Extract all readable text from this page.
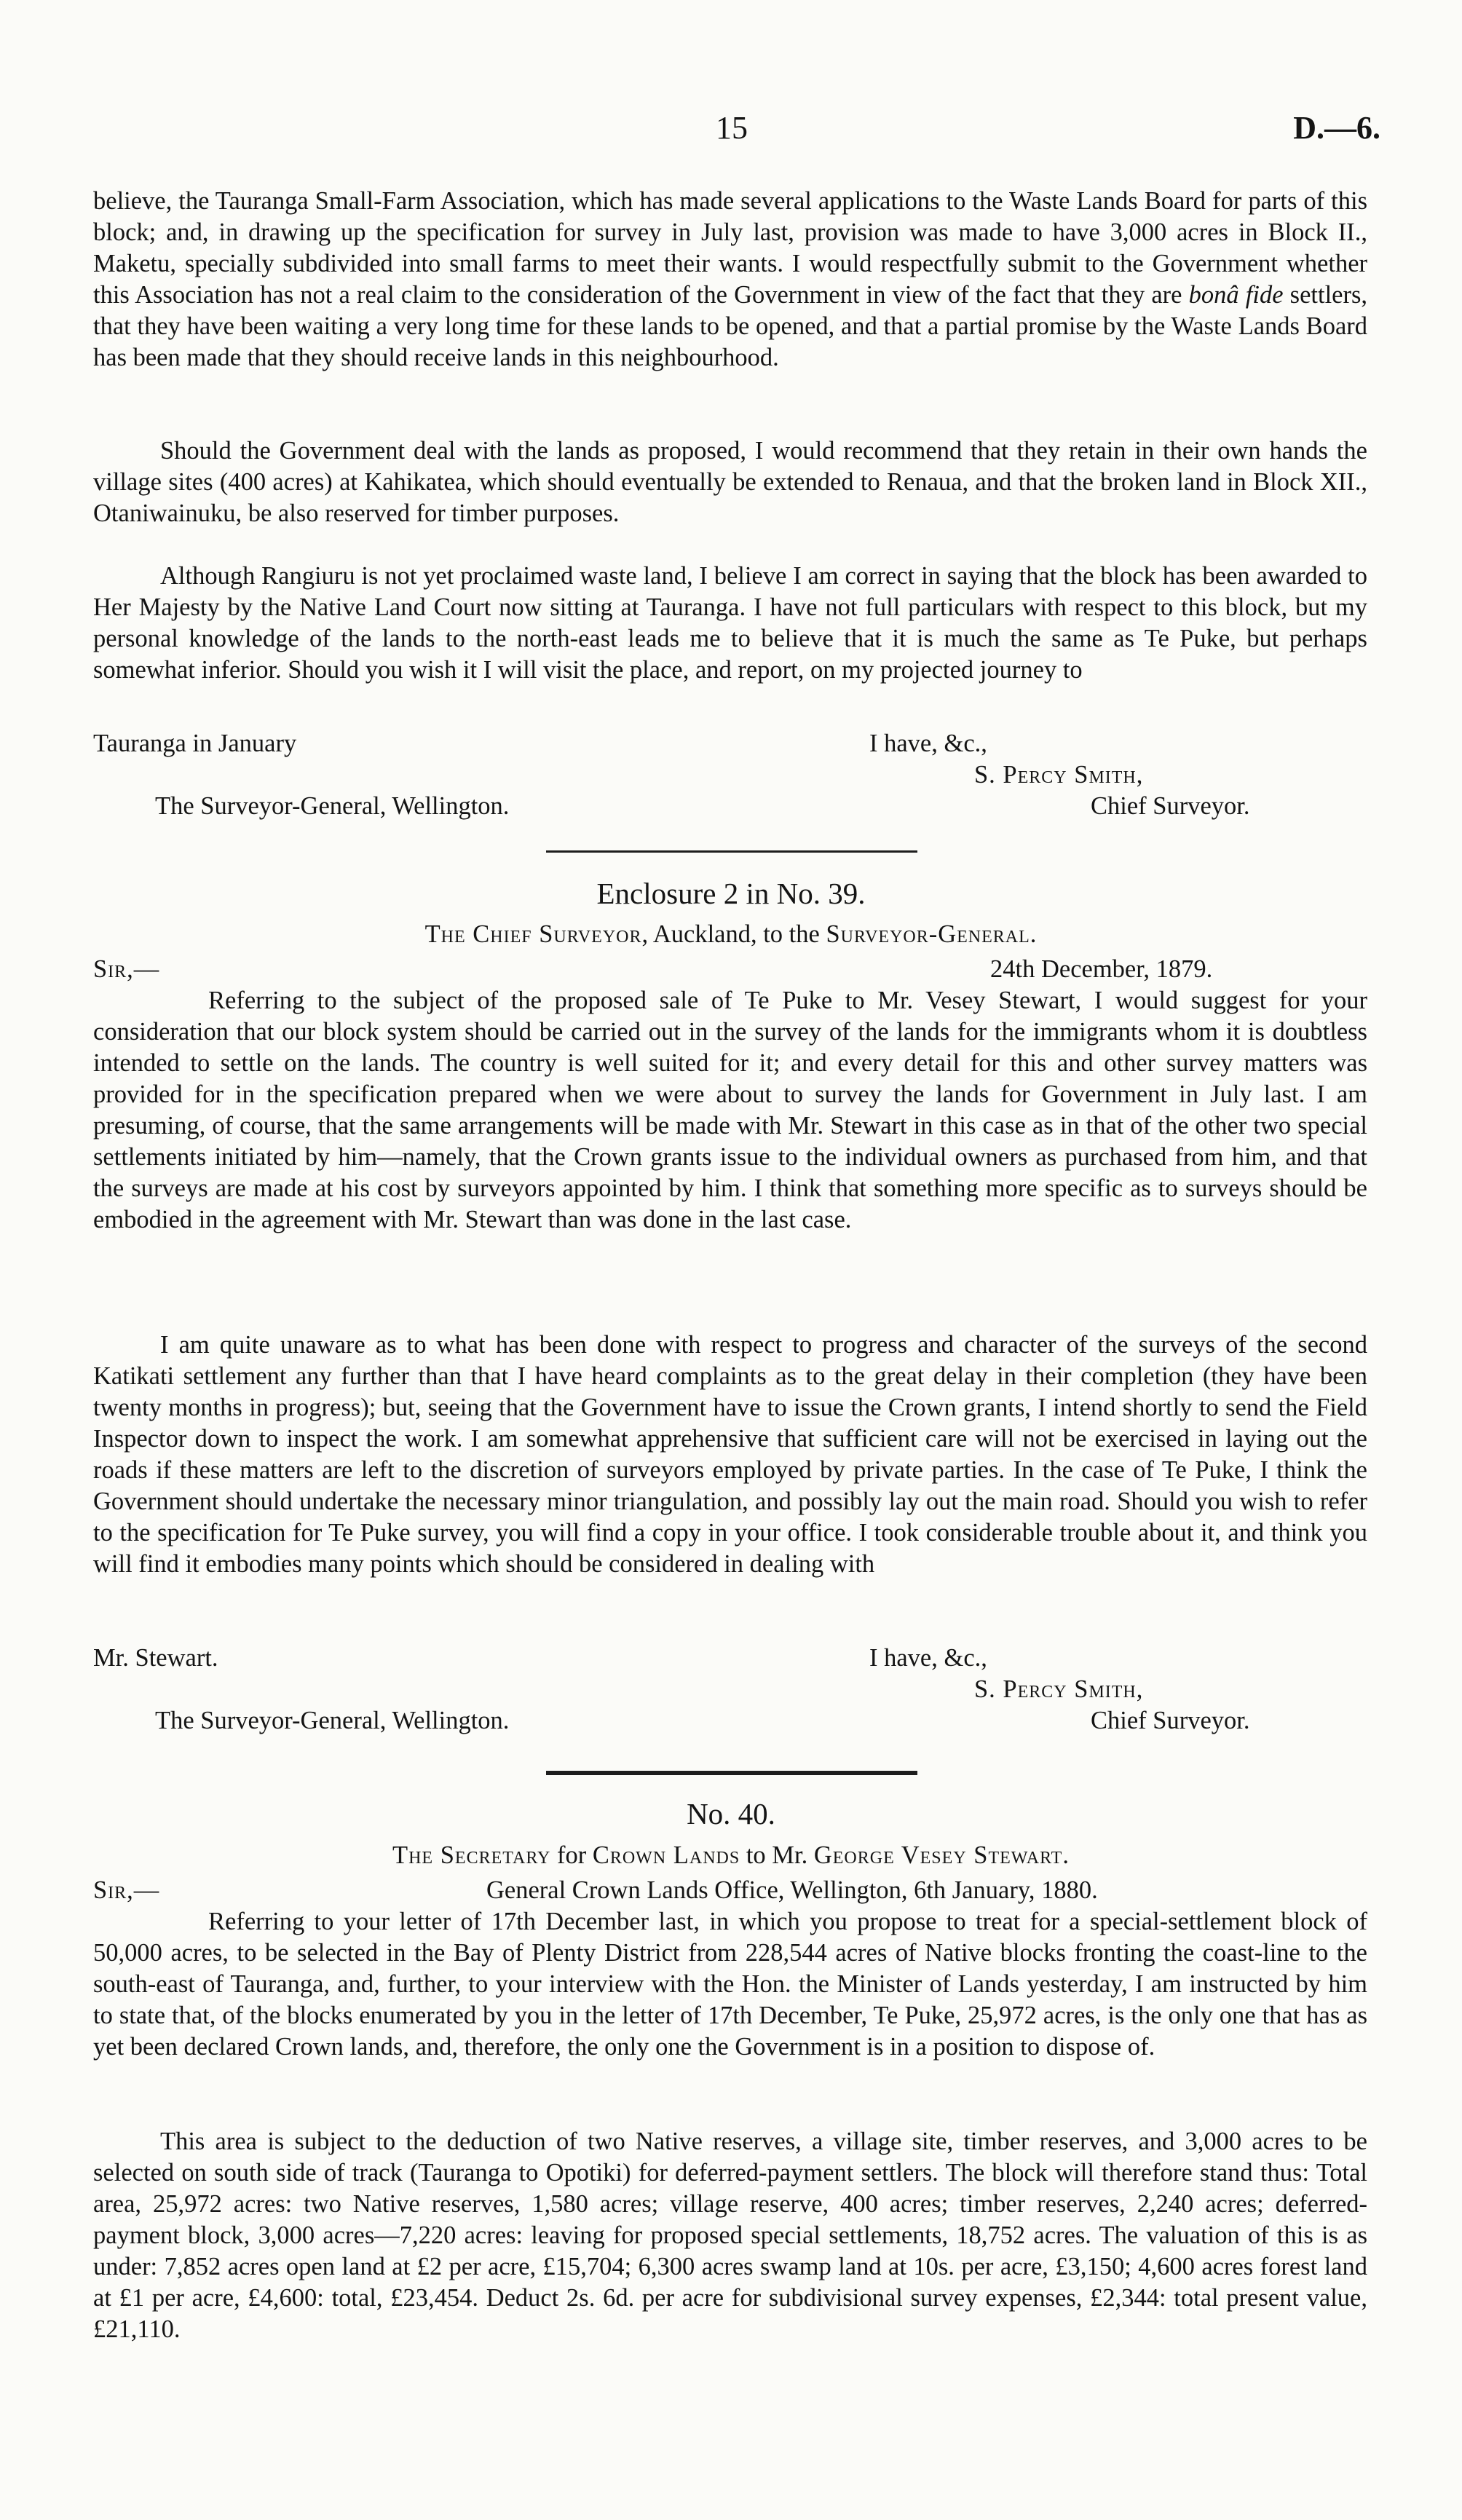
15	D.—6.

believe, the Tauranga Small-Farm Association, which has made several applications to the Waste Lands Board for parts of this block; and, in drawing up the specification for survey in July last, provision was made to have 3,000 acres in Block II., Maketu, specially subdivided into small farms to meet their wants. I would respectfully submit to the Government whether this Association has not a real claim to the consideration of the Government in view of the fact that they are bonâ fide settlers, that they have been waiting a very long time for these lands to be opened, and that a partial promise by the Waste Lands Board has been made that they should receive lands in this neighbourhood.

Should the Government deal with the lands as proposed, I would recommend that they retain in their own hands the village sites (400 acres) at Kahikatea, which should eventually be extended to Renaua, and that the broken land in Block XII., Otaniwainuku, be also reserved for timber purposes.

Although Rangiuru is not yet proclaimed waste land, I believe I am correct in saying that the block has been awarded to Her Majesty by the Native Land Court now sitting at Tauranga. I have not full particulars with respect to this block, but my personal knowledge of the lands to the north-east leads me to believe that it is much the same as Te Puke, but perhaps somewhat inferior. Should you wish it I will visit the place, and report, on my projected journey to

Tauranga in January	I have, &c.,
S. Percy Smith,
The Surveyor-General, Wellington.	Chief Surveyor.
Enclosure 2 in No. 39.
The Chief Surveyor, Auckland, to the Surveyor-General.
Sir,—	24th December, 1879.

Referring to the subject of the proposed sale of Te Puke to Mr. Vesey Stewart, I would suggest for your consideration that our block system should be carried out in the survey of the lands for the immigrants whom it is doubtless intended to settle on the lands. The country is well suited for it; and every detail for this and other survey matters was provided for in the specification prepared when we were about to survey the lands for Government in July last. I am presuming, of course, that the same arrangements will be made with Mr. Stewart in this case as in that of the other two special settlements initiated by him—namely, that the Crown grants issue to the individual owners as purchased from him, and that the surveys are made at his cost by surveyors appointed by him. I think that something more specific as to surveys should be embodied in the agreement with Mr. Stewart than was done in the last case.

I am quite unaware as to what has been done with respect to progress and character of the surveys of the second Katikati settlement any further than that I have heard complaints as to the great delay in their completion (they have been twenty months in progress); but, seeing that the Government have to issue the Crown grants, I intend shortly to send the Field Inspector down to inspect the work. I am somewhat apprehensive that sufficient care will not be exercised in laying out the roads if these matters are left to the discretion of surveyors employed by private parties. In the case of Te Puke, I think the Government should undertake the necessary minor triangulation, and possibly lay out the main road. Should you wish to refer to the specification for Te Puke survey, you will find a copy in your office. I took considerable trouble about it, and think you will find it embodies many points which should be considered in dealing with

Mr. Stewart.	I have, &c.,
S. Percy Smith,
The Surveyor-General, Wellington.	Chief Surveyor.
No. 40.
The Secretary for Crown Lands to Mr. George Vesey Stewart.
Sir,—	General Crown Lands Office, Wellington, 6th January, 1880.

Referring to your letter of 17th December last, in which you propose to treat for a special-settlement block of 50,000 acres, to be selected in the Bay of Plenty District from 228,544 acres of Native blocks fronting the coast-line to the south-east of Tauranga, and, further, to your interview with the Hon. the Minister of Lands yesterday, I am instructed by him to state that, of the blocks enumerated by you in the letter of 17th December, Te Puke, 25,972 acres, is the only one that has as yet been declared Crown lands, and, therefore, the only one the Government is in a position to dispose of.

This area is subject to the deduction of two Native reserves, a village site, timber reserves, and 3,000 acres to be selected on south side of track (Tauranga to Opotiki) for deferred-payment settlers. The block will therefore stand thus: Total area, 25,972 acres: two Native reserves, 1,580 acres; village reserve, 400 acres; timber reserves, 2,240 acres; deferred-payment block, 3,000 acres—7,220 acres: leaving for proposed special settlements, 18,752 acres. The valuation of this is as under: 7,852 acres open land at £2 per acre, £15,704; 6,300 acres swamp land at 10s. per acre, £3,150; 4,600 acres forest land at £1 per acre, £4,600: total, £23,454. Deduct 2s. 6d. per acre for subdivisional survey expenses, £2,344: total present value, £21,110.
